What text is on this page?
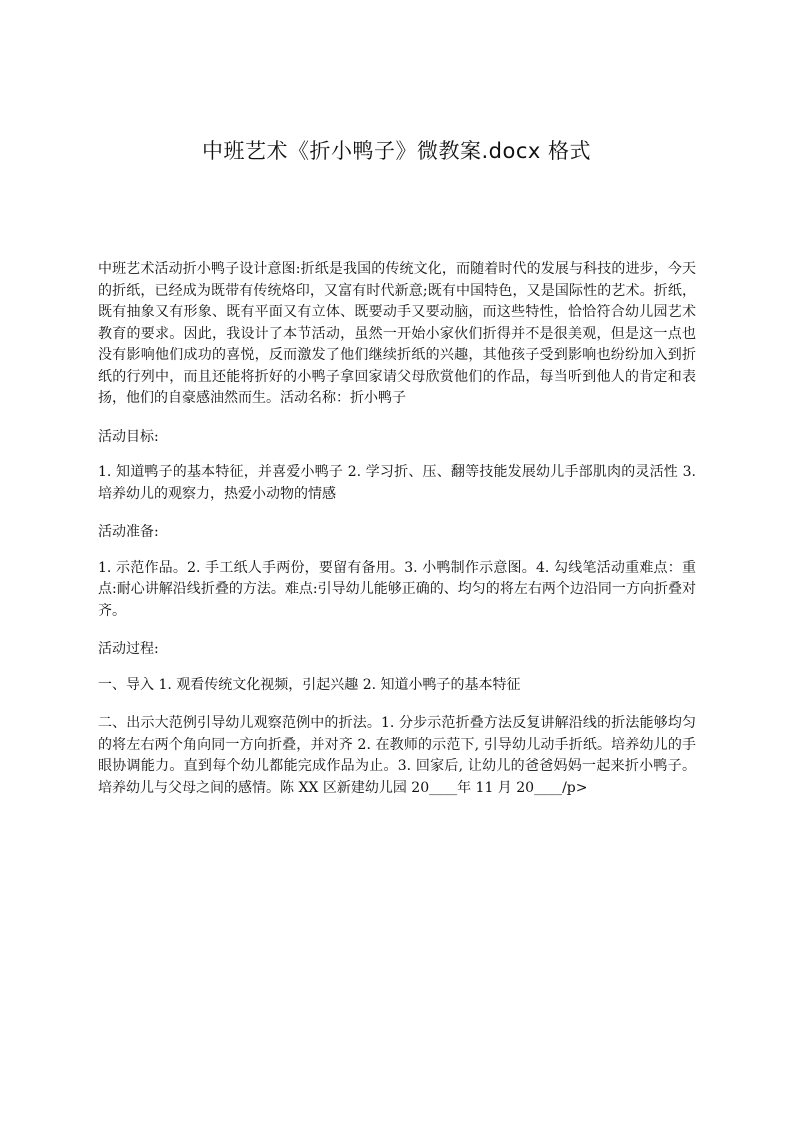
中班艺术《折小鸭子》微教案.docx 格式

中班艺术活动折小鸭子设计意图:折纸是我国的传统文化，而随着时代的发展与科技的进步，今天的折纸，已经成为既带有传统烙印，又富有时代新意;既有中国特色，又是国际性的艺术。折纸，既有抽象又有形象、既有平面又有立体、既要动手又要动脑，而这些特性，恰恰符合幼儿园艺术教育的要求。因此，我设计了本节活动，虽然一开始小家伙们折得并不是很美观，但是这一点也没有影响他们成功的喜悦，反而激发了他们继续折纸的兴趣，其他孩子受到影响也纷纷加入到折纸的行列中，而且还能将折好的小鸭子拿回家请父母欣赏他们的作品，每当听到他人的肯定和表扬，他们的自豪感油然而生。活动名称：折小鸭子

活动目标:

1. 知道鸭子的基本特征，并喜爱小鸭子 2. 学习折、压、翻等技能发展幼儿手部肌肉的灵活性 3. 培养幼儿的观察力，热爱小动物的情感

活动准备:

1. 示范作品。2. 手工纸人手两份，要留有备用。3. 小鸭制作示意图。4. 勾线笔活动重难点：重点:耐心讲解沿线折叠的方法。难点:引导幼儿能够正确的、均匀的将左右两个边沿同一方向折叠对齐。

活动过程:

一、导入 1. 观看传统文化视频，引起兴趣 2. 知道小鸭子的基本特征

二、出示大范例引导幼儿观察范例中的折法。1. 分步示范折叠方法反复讲解沿线的折法能够均匀的将左右两个角向同一方向折叠，并对齐 2. 在教师的示范下, 引导幼儿动手折纸。培养幼儿的手眼协调能力。直到每个幼儿都能完成作品为止。3. 回家后, 让幼儿的爸爸妈妈一起来折小鸭子。培养幼儿与父母之间的感情。陈 XX 区新建幼儿园 20____年 11 月 20____/p>
